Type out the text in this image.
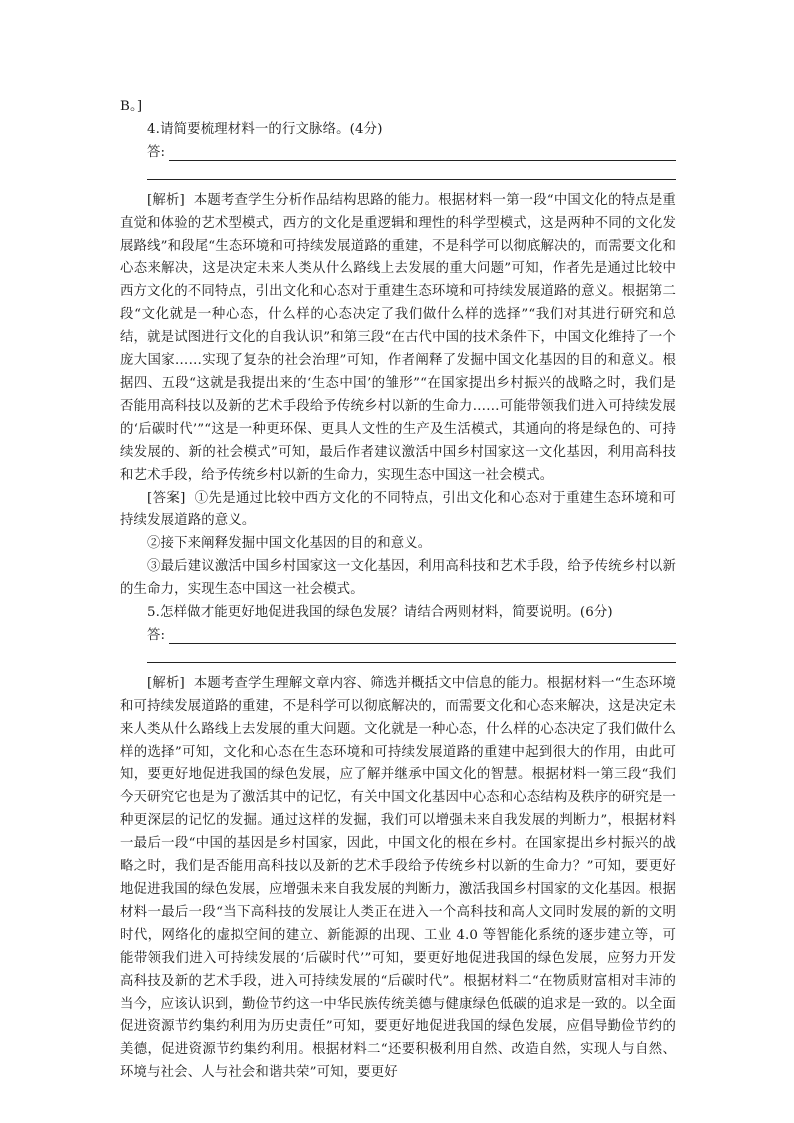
B。]

4.请简要梳理材料一的行文脉络。(4分)

答:

[解析] 本题考查学生分析作品结构思路的能力。根据材料一第一段“中国文化的特点是重直觉和体验的艺术型模式，西方的文化是重逻辑和理性的科学型模式，这是两种不同的文化发展路线”和段尾“生态环境和可持续发展道路的重建，不是科学可以彻底解决的，而需要文化和心态来解决，这是决定未来人类从什么路线上去发展的重大问题”可知，作者先是通过比较中西方文化的不同特点，引出文化和心态对于重建生态环境和可持续发展道路的意义。根据第二段“文化就是一种心态，什么样的心态决定了我们做什么样的选择”“我们对其进行研究和总结，就是试图进行文化的自我认识”和第三段“在古代中国的技术条件下，中国文化维持了一个庞大国家……实现了复杂的社会治理”可知，作者阐释了发掘中国文化基因的目的和意义。根据四、五段“这就是我提出来的‘生态中国’的雏形”“在国家提出乡村振兴的战略之时，我们是否能用高科技以及新的艺术手段给予传统乡村以新的生命力……可能带领我们进入可持续发展的‘后碳时代’”“这是一种更环保、更具人文性的生产及生活模式，其通向的将是绿色的、可持续发展的、新的社会模式”可知，最后作者建议激活中国乡村国家这一文化基因，利用高科技和艺术手段，给予传统乡村以新的生命力，实现生态中国这一社会模式。

[答案] ①先是通过比较中西方文化的不同特点，引出文化和心态对于重建生态环境和可持续发展道路的意义。

②接下来阐释发掘中国文化基因的目的和意义。

③最后建议激活中国乡村国家这一文化基因，利用高科技和艺术手段，给予传统乡村以新的生命力，实现生态中国这一社会模式。

5.怎样做才能更好地促进我国的绿色发展？请结合两则材料，简要说明。(6分)

答:

[解析] 本题考查学生理解文章内容、筛选并概括文中信息的能力。根据材料一“生态环境和可持续发展道路的重建，不是科学可以彻底解决的，而需要文化和心态来解决，这是决定未来人类从什么路线上去发展的重大问题。文化就是一种心态，什么样的心态决定了我们做什么样的选择”可知，文化和心态在生态环境和可持续发展道路的重建中起到很大的作用，由此可知，要更好地促进我国的绿色发展，应了解并继承中国文化的智慧。根据材料一第三段“我们今天研究它也是为了激活其中的记忆，有关中国文化基因中心态和心态结构及秩序的研究是一种更深层的记忆的发掘。通过这样的发掘，我们可以增强未来自我发展的判断力”，根据材料一最后一段“中国的基因是乡村国家，因此，中国文化的根在乡村。在国家提出乡村振兴的战略之时，我们是否能用高科技以及新的艺术手段给予传统乡村以新的生命力？”可知，要更好地促进我国的绿色发展，应增强未来自我发展的判断力，激活我国乡村国家的文化基因。根据材料一最后一段“当下高科技的发展让人类正在进入一个高科技和高人文同时发展的新的文明时代，网络化的虚拟空间的建立、新能源的出现、工业 4.0 等智能化系统的逐步建立等，可能带领我们进入可持续发展的‘后碳时代’”可知，要更好地促进我国的绿色发展，应努力开发高科技及新的艺术手段，进入可持续发展的“后碳时代”。根据材料二“在物质财富相对丰沛的当今，应该认识到，勤俭节约这一中华民族传统美德与健康绿色低碳的追求是一致的。以全面促进资源节约集约利用为历史责任”可知，要更好地促进我国的绿色发展，应倡导勤俭节约的美德，促进资源节约集约利用。根据材料二“还要积极利用自然、改造自然，实现人与自然、环境与社会、人与社会和谐共荣”可知，要更好
